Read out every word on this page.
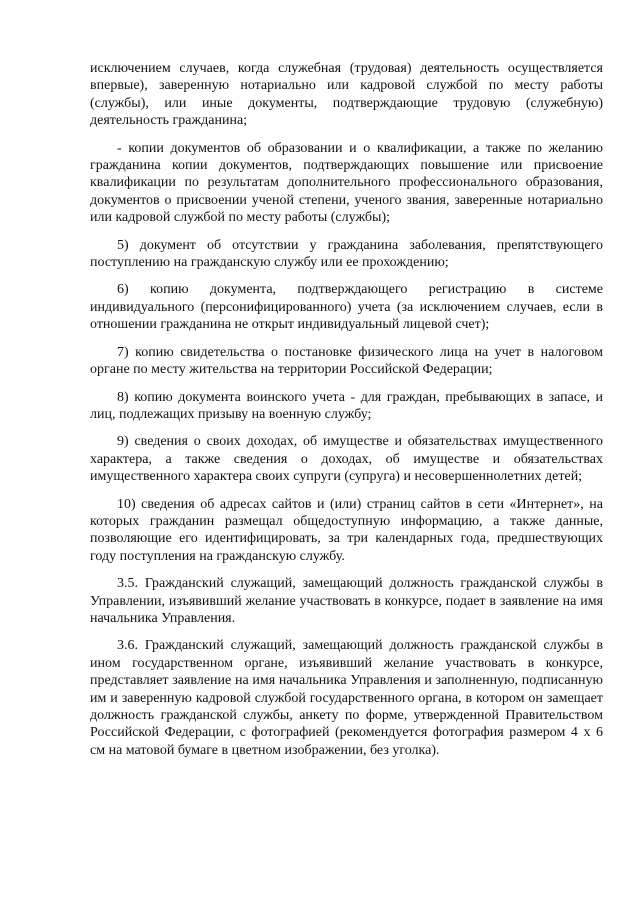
исключением случаев, когда служебная (трудовая) деятельность осуществляется впервые), заверенную нотариально или кадровой службой по месту работы (службы), или иные документы, подтверждающие трудовую (служебную) деятельность гражданина;

- копии документов об образовании и о квалификации, а также по желанию гражданина копии документов, подтверждающих повышение или присвоение квалификации по результатам дополнительного профессионального образования, документов о присвоении ученой степени, ученого звания, заверенные нотариально или кадровой службой по месту работы (службы);

5) документ об отсутствии у гражданина заболевания, препятствующего поступлению на гражданскую службу или ее прохождению;

6) копию документа, подтверждающего регистрацию в системе индивидуального (персонифицированного) учета (за исключением случаев, если в отношении гражданина не открыт индивидуальный лицевой счет);

7) копию свидетельства о постановке физического лица на учет в налоговом органе по месту жительства на территории Российской Федерации;

8) копию документа воинского учета - для граждан, пребывающих в запасе, и лиц, подлежащих призыву на военную службу;

9) сведения о своих доходах, об имуществе и обязательствах имущественного характера, а также сведения о доходах, об имуществе и обязательствах имущественного характера своих супруги (супруга) и несовершеннолетних детей;

10) сведения об адресах сайтов и (или) страниц сайтов в сети «Интернет», на которых гражданин размещал общедоступную информацию, а также данные, позволяющие его идентифицировать, за три календарных года, предшествующих году поступления на гражданскую службу.

3.5. Гражданский служащий, замещающий должность гражданской службы в Управлении, изъявивший желание участвовать в конкурсе, подает в заявление на имя начальника Управления.

3.6. Гражданский служащий, замещающий должность гражданской службы в ином государственном органе, изъявивший желание участвовать в конкурсе, представляет заявление на имя начальника Управления и заполненную, подписанную им и заверенную кадровой службой государственного органа, в котором он замещает должность гражданской службы, анкету по форме, утвержденной Правительством Российской Федерации, с фотографией (рекомендуется фотография размером 4 х 6 см на матовой бумаге в цветном изображении, без уголка).
